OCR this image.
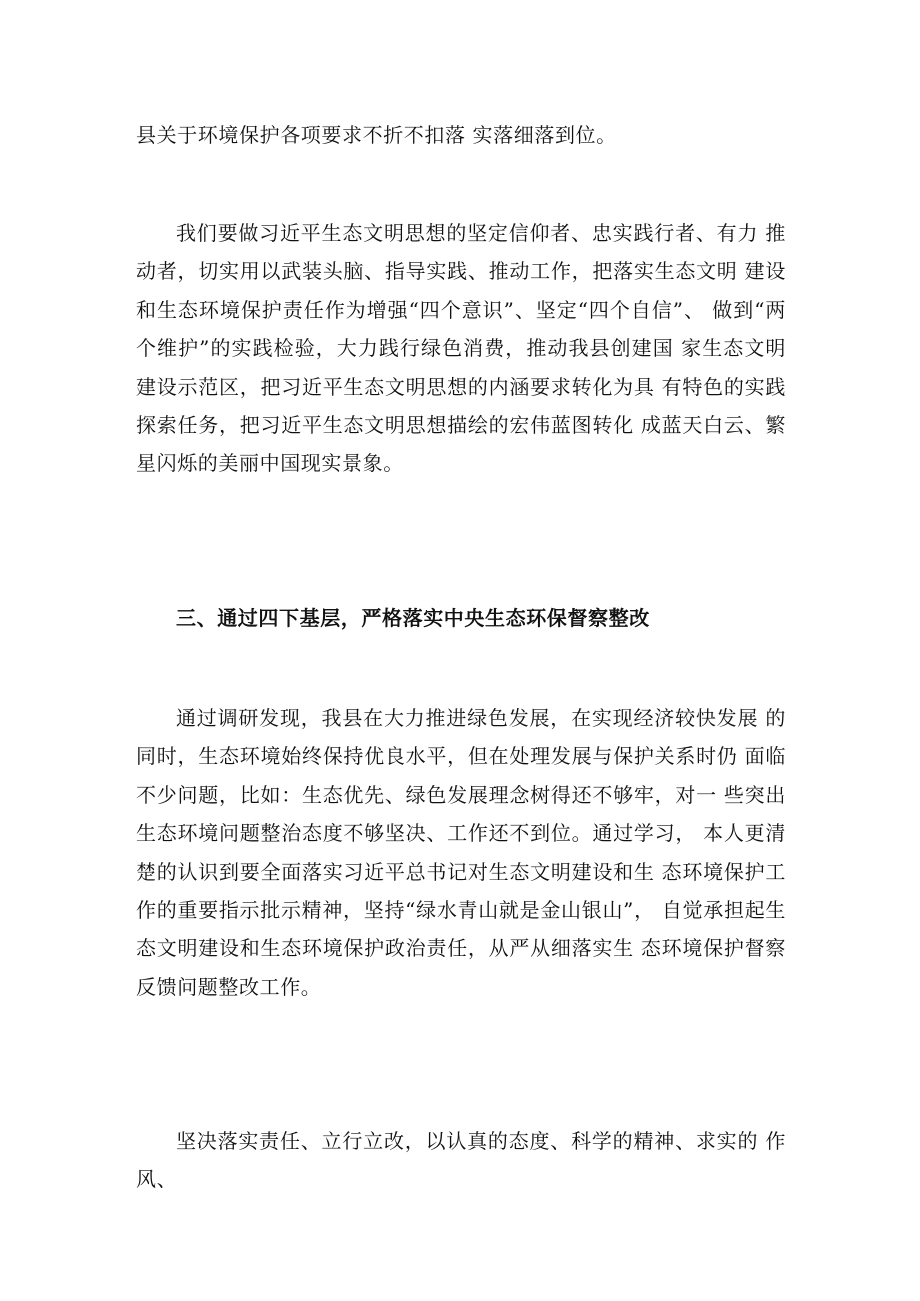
县关于环境保护各项要求不折不扣落 实落细落到位。

我们要做习近平生态文明思想的坚定信仰者、忠实践行者、有力 推动者，切实用以武装头脑、指导实践、推动工作，把落实生态文明 建设和生态环境保护责任作为增强“四个意识”、坚定“四个自信”、 做到“两个维护”的实践检验，大力践行绿色消费，推动我县创建国 家生态文明建设示范区，把习近平生态文明思想的内涵要求转化为具 有特色的实践探索任务，把习近平生态文明思想描绘的宏伟蓝图转化 成蓝天白云、繁星闪烁的美丽中国现实景象。

三、通过四下基层，严格落实中央生态环保督察整改

通过调研发现，我县在大力推进绿色发展，在实现经济较快发展 的同时，生态环境始终保持优良水平，但在处理发展与保护关系时仍 面临不少问题，比如：生态优先、绿色发展理念树得还不够牢，对一 些突出生态环境问题整治态度不够坚决、工作还不到位。通过学习， 本人更清楚的认识到要全面落实习近平总书记对生态文明建设和生 态环境保护工作的重要指示批示精神，坚持“绿水青山就是金山银山”， 自觉承担起生态文明建设和生态环境保护政治责任，从严从细落实生 态环境保护督察反馈问题整改工作。

坚决落实责任、立行立改，以认真的态度、科学的精神、求实的 作风、
